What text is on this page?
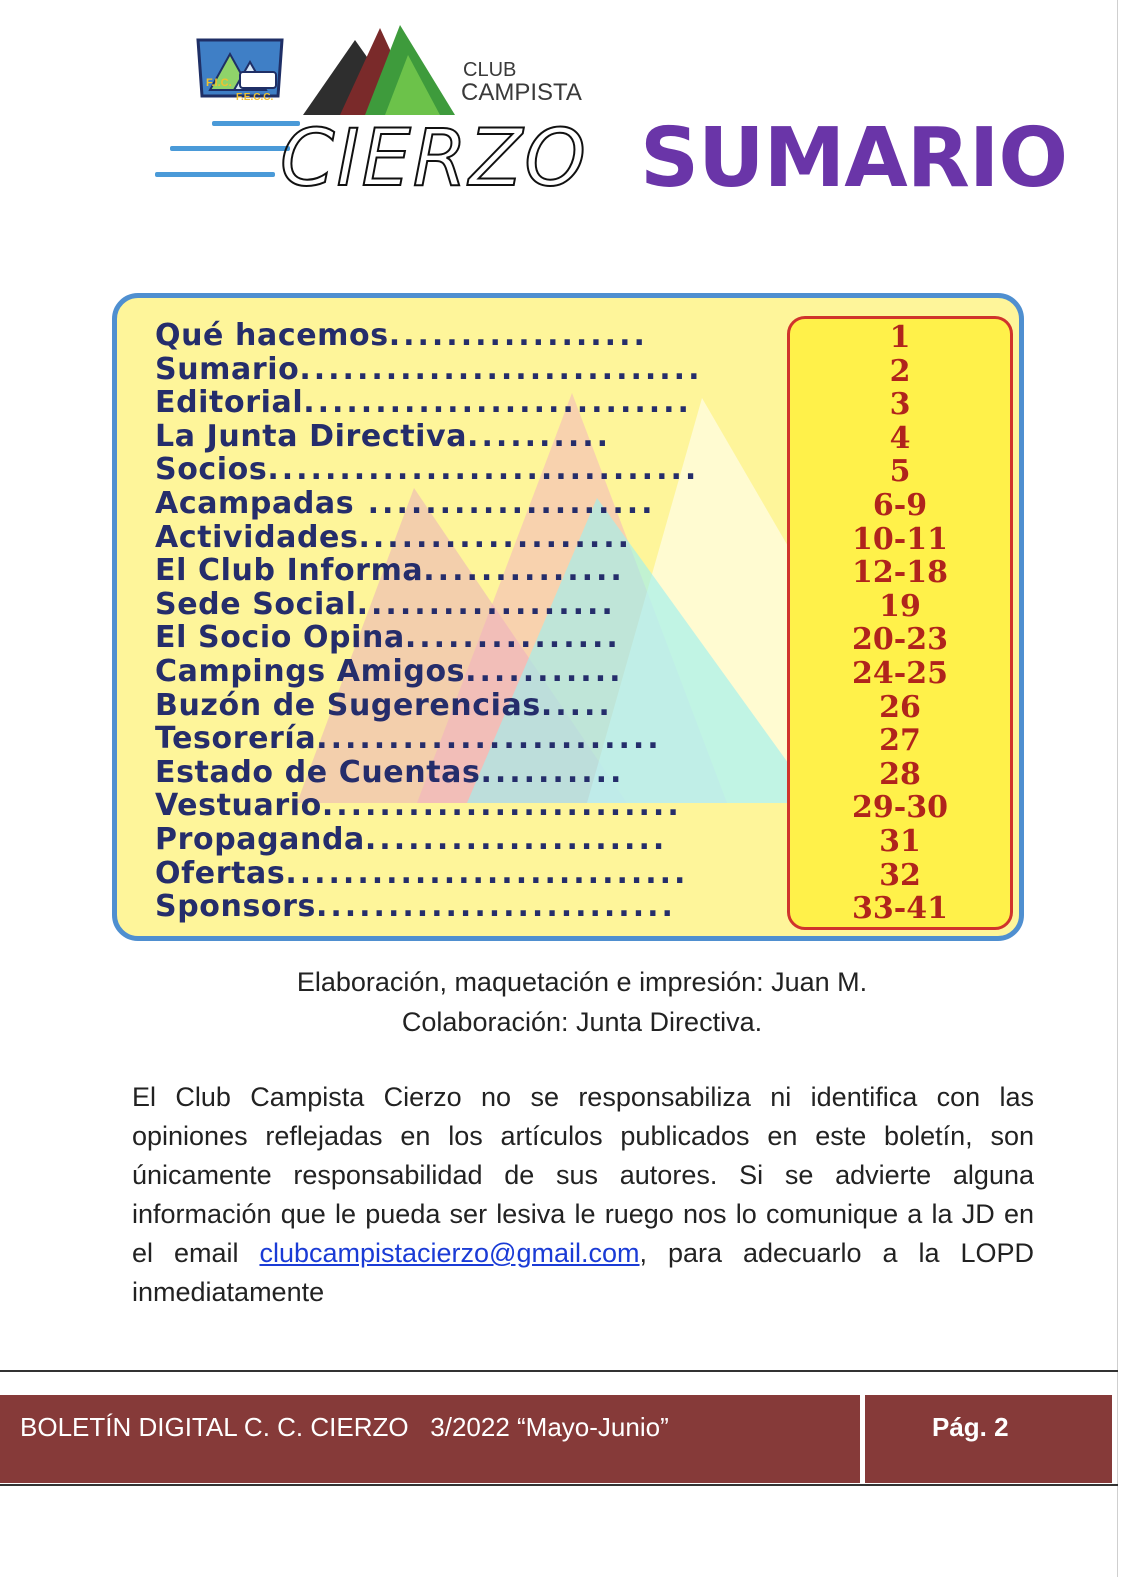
F.I.C.
F.E.C.C.
CLUB
CAMPISTA
CIERZO SUMARIO
Qué hacemos..................
Sumario............................
Editorial...........................
La Junta Directiva..........
Socios..............................
Acampadas ....................
Actividades...................
El Club Informa..............
Sede Social..................
El Socio Opina...............
Campings Amigos...........
Buzón de Sugerencias.....
Tesorería........................
Estado de Cuentas..........
Vestuario.........................
Propaganda.....................
Ofertas............................
Sponsors.........................
1
2
3
4
5
6-9
10-11
12-18
19
20-23
24-25
26
27
28
29-30
31
32
33-41
Elaboración, maquetación e impresión: Juan M.
Colaboración: Junta Directiva.
El Club Campista Cierzo no se responsabiliza ni identifica con las opiniones reflejadas en los artículos publicados en este boletín, son únicamente responsabilidad de sus autores. Si se advierte alguna información que le pueda ser lesiva le ruego nos lo comunique a la JD en el email clubcampistacierzo@gmail.com, para adecuarlo a la LOPD inmediatamente
BOLETÍN DIGITAL C. C. CIERZO   3/2022 “Mayo-Junio”	Pág. 2
